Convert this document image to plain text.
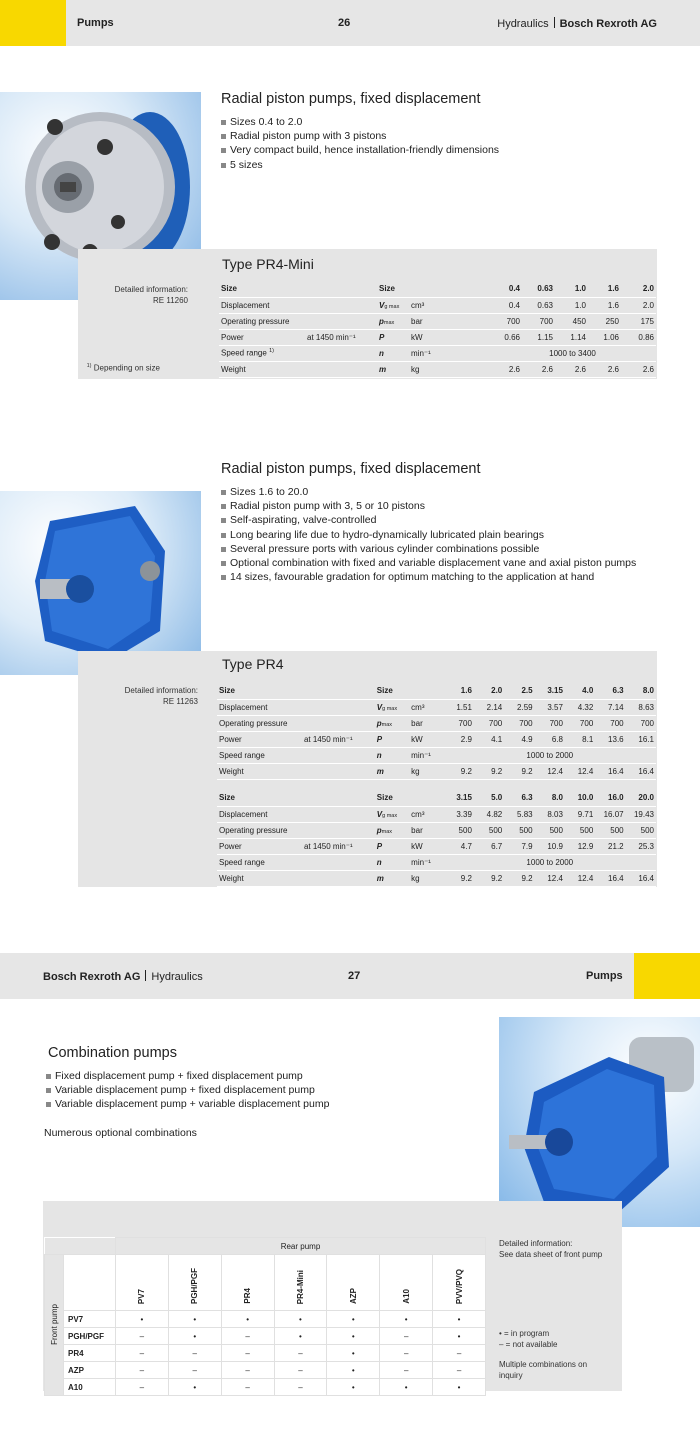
Pumps	26	Hydraulics Bosch Rexroth AG
Radial piston pumps, fixed displacement
Sizes 0.4 to 2.0
Radial piston pump with 3 pistons
Very compact build, hence installation-friendly dimensions
5 sizes
Type PR4-Mini
Detailed information:
RE 11260
$^{1)}$ Depending on size
Size		Size		0.4	0.63	1.0	1.6	2.0
Displacement		Vg max	cm³	0.4	0.63	1.0	1.6	2.0
Operating pressure		pmax	bar	700	700	450	250	175
Power	at 1450 min⁻¹	P	kW	0.66	1.15	1.14	1.06	0.86
Speed range $^{1)}$		n	min⁻¹	1000 to 3400				
Weight		m	kg	2.6	2.6	2.6	2.6	2.6
Radial piston pumps, fixed displacement
Sizes 1.6 to 20.0
Radial piston pump with 3, 5 or 10 pistons
Self-aspirating, valve-controlled
Long bearing life due to hydro-dynamically lubricated plain bearings
Several pressure ports with various cylinder combinations possible
Optional combination with fixed and variable displacement vane and axial piston pumps
14 sizes, favourable gradation for optimum matching to the application at hand
Type PR4
Detailed information:
RE 11263
Size		Size		1.6	2.0	2.5	3.15	4.0	6.3	8.0
Displacement		Vg max	cm³	1.51	2.14	2.59	3.57	4.32	7.14	8.63
Operating pressure		pmax	bar	700	700	700	700	700	700	700
Power	at 1450 min⁻¹	P	kW	2.9	4.1	4.9	6.8	8.1	13.6	16.1
Speed range		n	min⁻¹	1000 to 2000						
Weight		m	kg	9.2	9.2	9.2	12.4	12.4	16.4	16.4
Size		Size		3.15	5.0	6.3	8.0	10.0	16.0	20.0
Displacement		Vg max	cm³	3.39	4.82	5.83	8.03	9.71	16.07	19.43
Operating pressure		pmax	bar	500	500	500	500	500	500	500
Power	at 1450 min⁻¹	P	kW	4.7	6.7	7.9	10.9	12.9	21.2	25.3
Speed range		n	min⁻¹	1000 to 2000						
Weight		m	kg	9.2	9.2	9.2	12.4	12.4	16.4	16.4
Bosch Rexroth AG Hydraulics	27	Pumps
Combination pumps
Fixed displacement pump + fixed displacement pump
Variable displacement pump + fixed displacement pump
Variable displacement pump + variable displacement pump
Numerous optional combinations
Detailed information:
See data sheet of front pump
• = in program
– = not available
Multiple combinations on inquiry
		Rear pump						
Front pump		PV7	PGH/PGF	PR4	PR4-Mini	AZP	A10	PVV/PVQ
	PV7	•	•	•	•	•	•	•
	PGH/PGF	–	•	–	•	•	–	•
	PR4	–	–	–	–	•	–	–
	AZP	–	–	–	–	•	–	–
	A10	–	•	–	–	•	•	•
